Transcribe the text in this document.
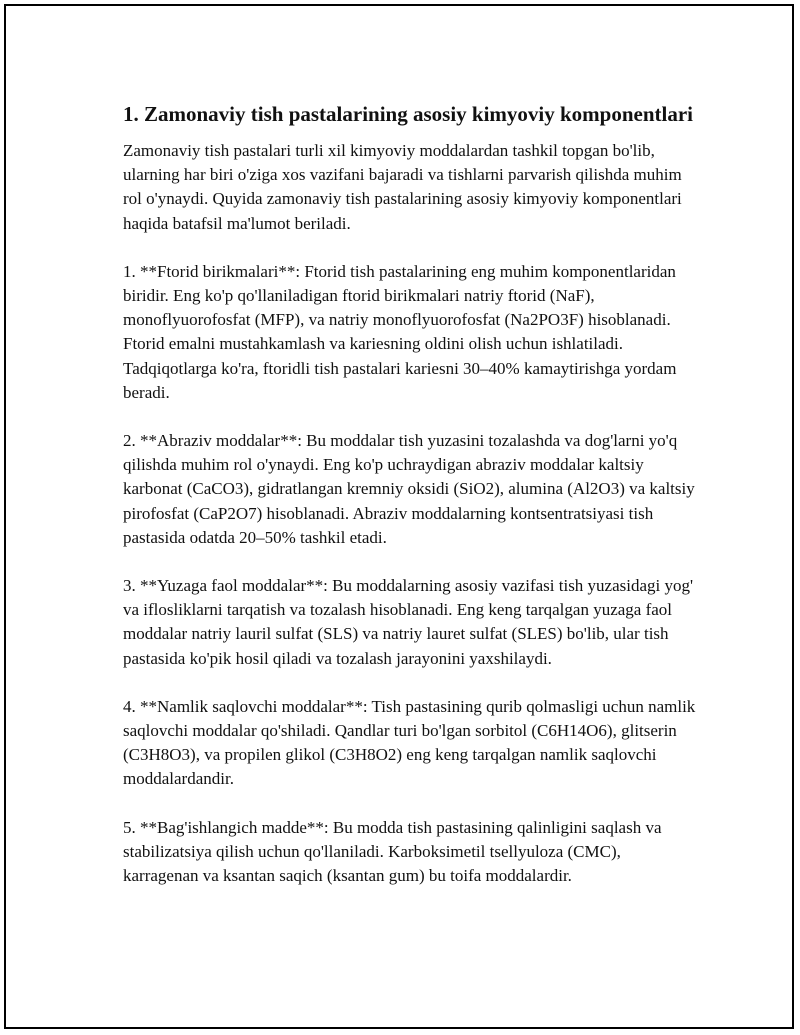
1. Zamonaviy tish pastalarining asosiy kimyoviy komponentlari

Zamonaviy tish pastalari turli xil kimyoviy moddalardan tashkil topgan bo'lib, ularning har biri o'ziga xos vazifani bajaradi va tishlarni parvarish qilishda muhim rol o'ynaydi. Quyida zamonaviy tish pastalarining asosiy kimyoviy komponentlari haqida batafsil ma'lumot beriladi.

1. **Ftorid birikmalari**: Ftorid tish pastalarining eng muhim komponentlaridan biridir. Eng ko'p qo'llaniladigan ftorid birikmalari natriy ftorid (NaF), monoflyuorofosfat (MFP), va natriy monoflyuorofosfat (Na2PO3F) hisoblanadi. Ftorid emalni mustahkamlash va kariesning oldini olish uchun ishlatiladi. Tadqiqotlarga ko'ra, ftoridli tish pastalari kariesni 30–40% kamaytirishga yordam beradi.

2. **Abraziv moddalar**: Bu moddalar tish yuzasini tozalashda va dog'larni yo'q qilishda muhim rol o'ynaydi. Eng ko'p uchraydigan abraziv moddalar kaltsiy karbonat (CaCO3), gidratlangan kremniy oksidi (SiO2), alumina (Al2O3) va kaltsiy pirofosfat (CaP2O7) hisoblanadi. Abraziv moddalarning kontsentratsiyasi tish pastasida odatda 20–50% tashkil etadi.

3. **Yuzaga faol moddalar**: Bu moddalarning asosiy vazifasi tish yuzasidagi yog' va iflosliklarni tarqatish va tozalash hisoblanadi. Eng keng tarqalgan yuzaga faol moddalar natriy lauril sulfat (SLS) va natriy lauret sulfat (SLES) bo'lib, ular tish pastasida ko'pik hosil qiladi va tozalash jarayonini yaxshilaydi.

4. **Namlik saqlovchi moddalar**: Tish pastasining qurib qolmasligi uchun namlik saqlovchi moddalar qo'shiladi. Qandlar turi bo'lgan sorbitol (C6H14O6), glitserin (C3H8O3), va propilen glikol (C3H8O2) eng keng tarqalgan namlik saqlovchi moddalardandir.

5. **Bag'ishlangich madde**: Bu modda tish pastasining qalinligini saqlash va stabilizatsiya qilish uchun qo'llaniladi. Karboksimetil tsellyuloza (CMC), karragenan va ksantan saqich (ksantan gum) bu toifa moddalardir.
